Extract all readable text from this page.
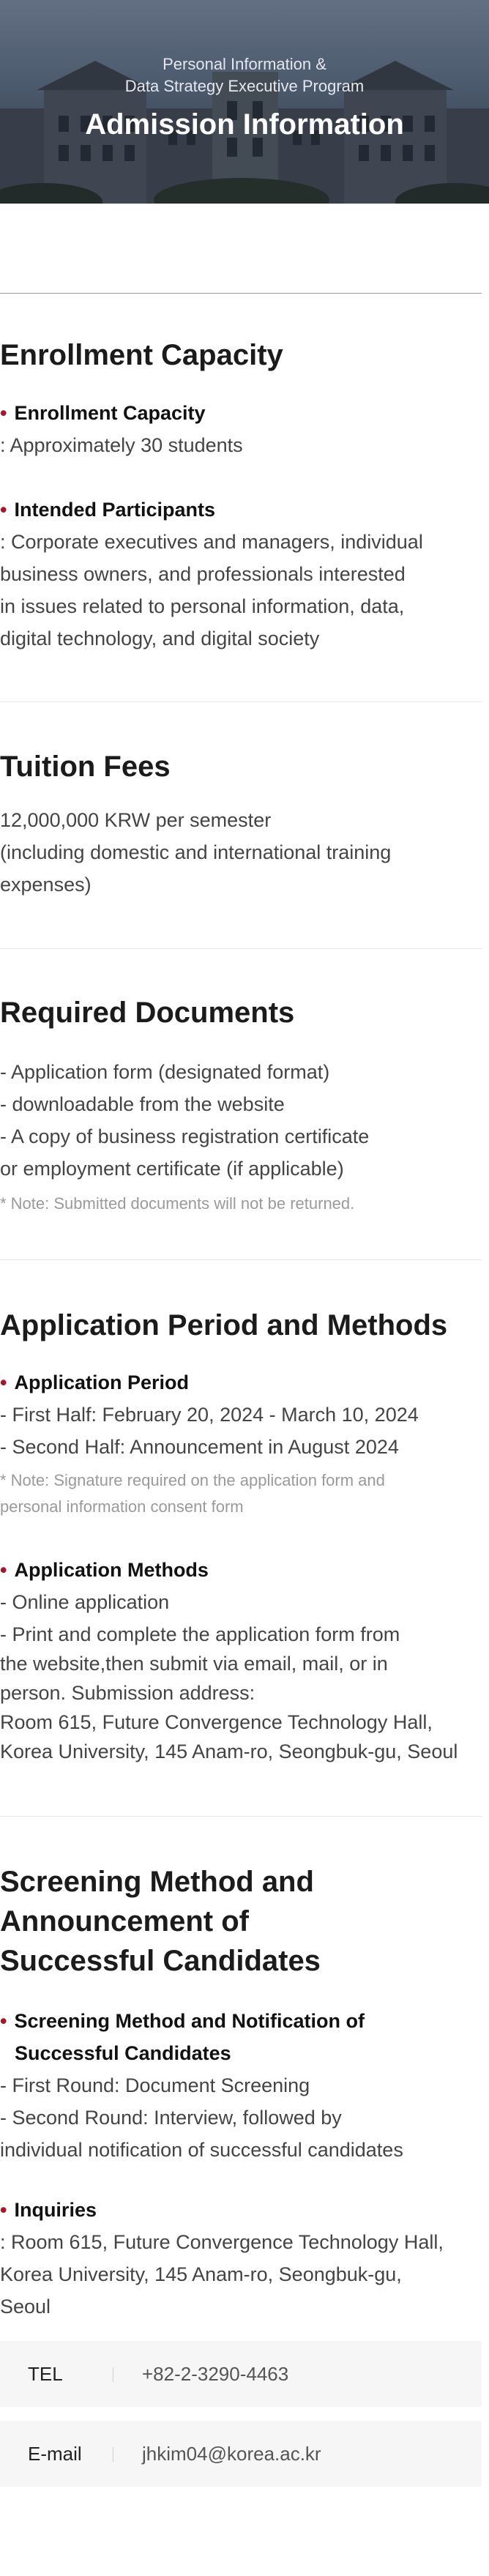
Personal Information &
Data Strategy Executive Program
Admission Information
Enrollment Capacity
• Enrollment Capacity
: Approximately 30 students
• Intended Participants
: Corporate executives and managers, individual
business owners, and professionals interested
in issues related to personal information, data,
digital technology, and digital society
Tuition Fees
12,000,000 KRW per semester
(including domestic and international training
expenses)
Required Documents
- Application form (designated format)
- downloadable from the website
- A copy of business registration certificate
or employment certificate (if applicable)
* Note: Submitted documents will not be returned.
Application Period and Methods
• Application Period
- First Half: February 20, 2024 - March 10, 2024
- Second Half: Announcement in August 2024
* Note: Signature required on the application form and
personal information consent form
• Application Methods
- Online application
- Print and complete the application form from
the website,then submit via email, mail, or in
person. Submission address:
Room 615, Future Convergence Technology Hall,
Korea University, 145 Anam-ro, Seongbuk-gu, Seoul
Screening Method and
Announcement of
Successful Candidates
• Screening Method and Notification of
Successful Candidates
- First Round: Document Screening
- Second Round: Interview, followed by
individual notification of successful candidates
• Inquiries
: Room 615, Future Convergence Technology Hall,
Korea University, 145 Anam-ro, Seongbuk-gu,
Seoul
TEL	+82-2-3290-4463
E-mail	jhkim04@korea.ac.kr
